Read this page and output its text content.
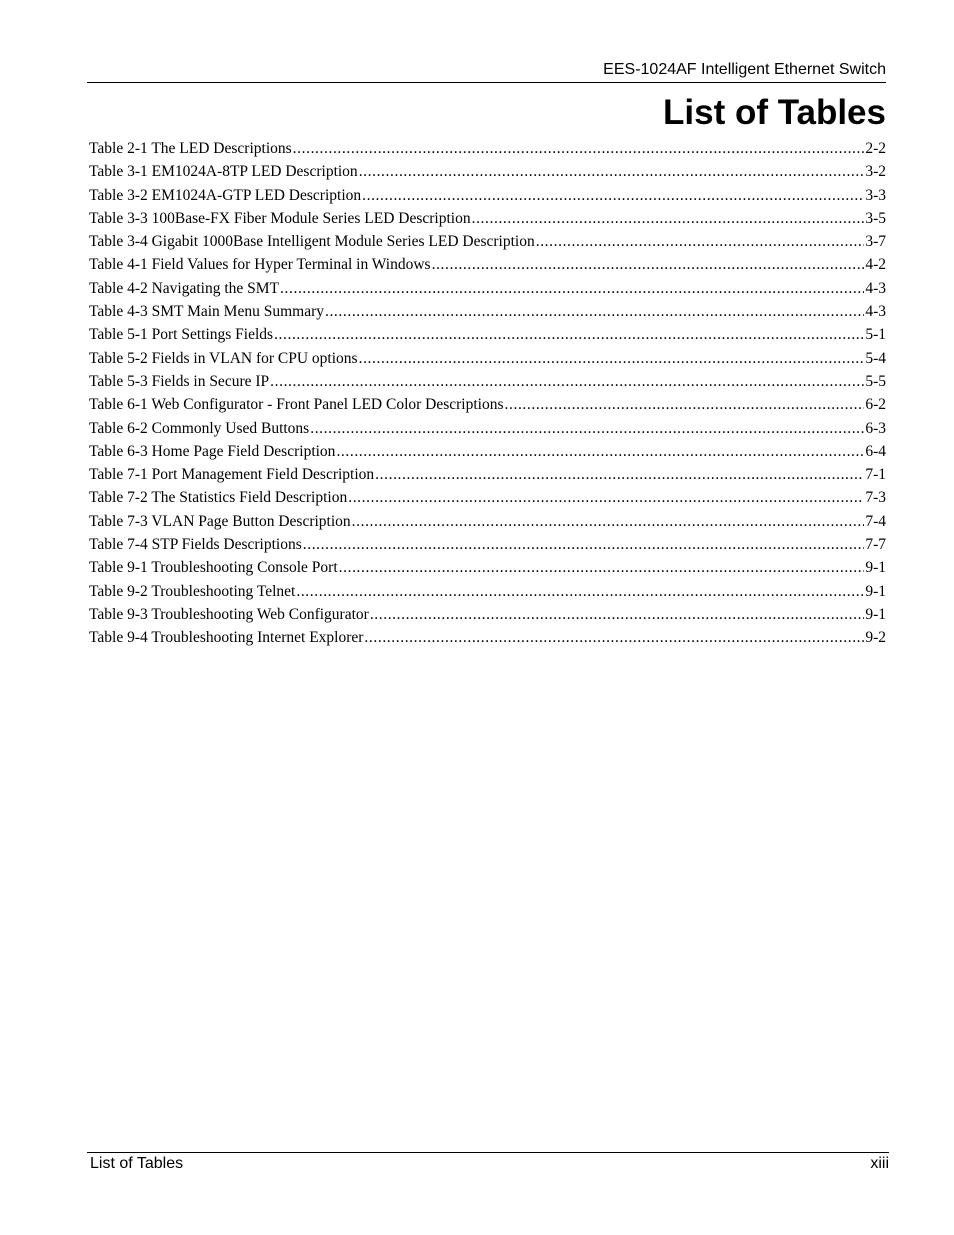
EES-1024AF Intelligent Ethernet Switch
List of Tables
Table 2-1 The LED Descriptions .....	2-2
Table 3-1 EM1024A-8TP LED Description .....	3-2
Table 3-2 EM1024A-GTP LED Description .....	3-3
Table 3-3 100Base-FX Fiber Module Series LED Description .....	3-5
Table 3-4 Gigabit 1000Base Intelligent Module Series LED Description .....	3-7
Table 4-1 Field Values for Hyper Terminal in Windows .....	4-2
Table 4-2 Navigating the SMT .....	4-3
Table 4-3 SMT Main Menu Summary .....	4-3
Table 5-1 Port Settings Fields .....	5-1
Table 5-2 Fields in VLAN for CPU options .....	5-4
Table 5-3 Fields in Secure IP .....	5-5
Table 6-1 Web Configurator - Front Panel LED Color Descriptions .....	6-2
Table 6-2 Commonly Used Buttons .....	6-3
Table 6-3 Home Page Field Description .....	6-4
Table 7-1 Port Management Field Description .....	7-1
Table 7-2 The Statistics Field Description .....	7-3
Table 7-3 VLAN Page Button Description .....	7-4
Table 7-4 STP Fields Descriptions .....	7-7
Table 9-1 Troubleshooting Console Port .....	9-1
Table 9-2 Troubleshooting Telnet .....	9-1
Table 9-3 Troubleshooting Web Configurator .....	9-1
Table 9-4 Troubleshooting Internet Explorer .....	9-2
List of Tables	xiii
